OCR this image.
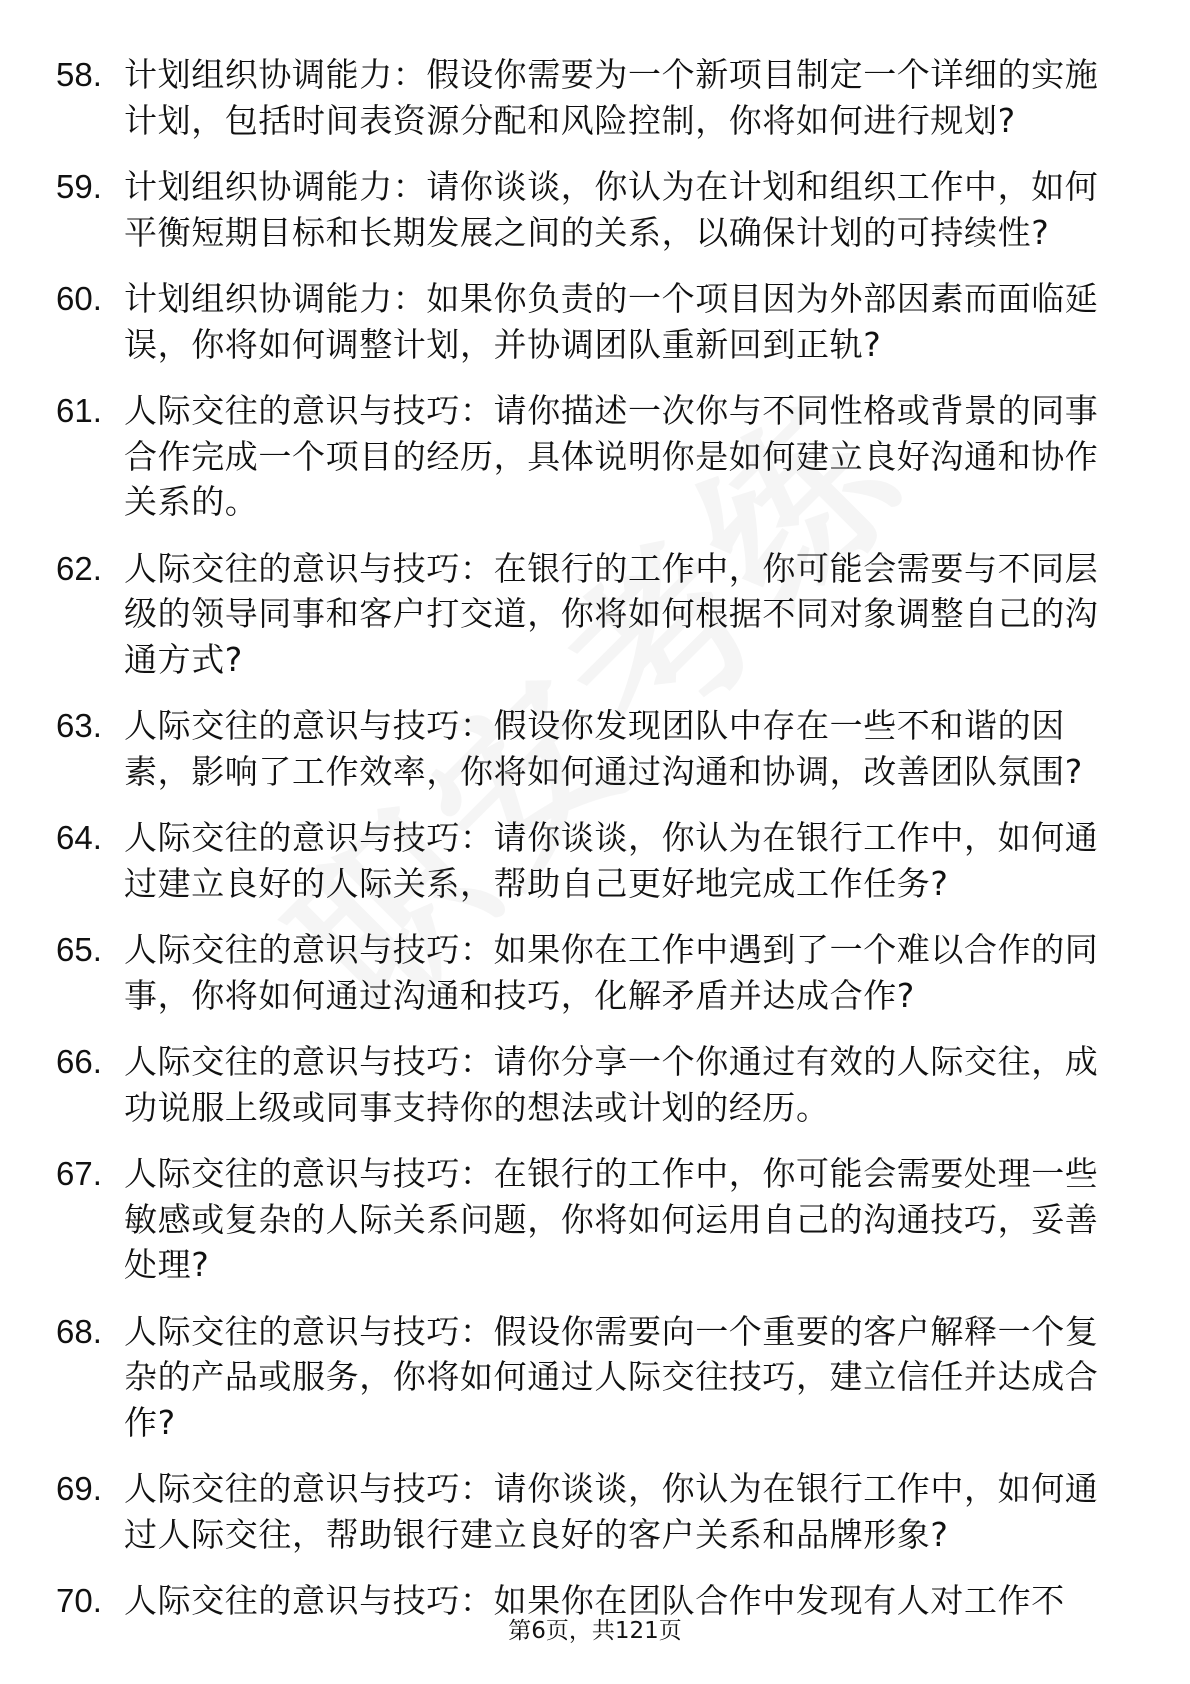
58. 计划组织协调能力：假设你需要为一个新项目制定一个详细的实施计划，包括时间表资源分配和风险控制，你将如何进行规划?
59. 计划组织协调能力：请你谈谈，你认为在计划和组织工作中，如何平衡短期目标和长期发展之间的关系，以确保计划的可持续性?
60. 计划组织协调能力：如果你负责的一个项目因为外部因素而面临延误，你将如何调整计划，并协调团队重新回到正轨?
61. 人际交往的意识与技巧：请你描述一次你与不同性格或背景的同事合作完成一个项目的经历，具体说明你是如何建立良好沟通和协作关系的。
62. 人际交往的意识与技巧：在银行的工作中，你可能会需要与不同层级的领导同事和客户打交道，你将如何根据不同对象调整自己的沟通方式?
63. 人际交往的意识与技巧：假设你发现团队中存在一些不和谐的因素，影响了工作效率，你将如何通过沟通和协调，改善团队氛围?
64. 人际交往的意识与技巧：请你谈谈，你认为在银行工作中，如何通过建立良好的人际关系，帮助自己更好地完成工作任务?
65. 人际交往的意识与技巧：如果你在工作中遇到了一个难以合作的同事，你将如何通过沟通和技巧，化解矛盾并达成合作?
66. 人际交往的意识与技巧：请你分享一个你通过有效的人际交往，成功说服上级或同事支持你的想法或计划的经历。
67. 人际交往的意识与技巧：在银行的工作中，你可能会需要处理一些敏感或复杂的人际关系问题，你将如何运用自己的沟通技巧，妥善处理?
68. 人际交往的意识与技巧：假设你需要向一个重要的客户解释一个复杂的产品或服务，你将如何通过人际交往技巧，建立信任并达成合作?
69. 人际交往的意识与技巧：请你谈谈，你认为在银行工作中，如何通过人际交往，帮助银行建立良好的客户关系和品牌形象?
70. 人际交往的意识与技巧：如果你在团队合作中发现有人对工作不
第6页，共121页
